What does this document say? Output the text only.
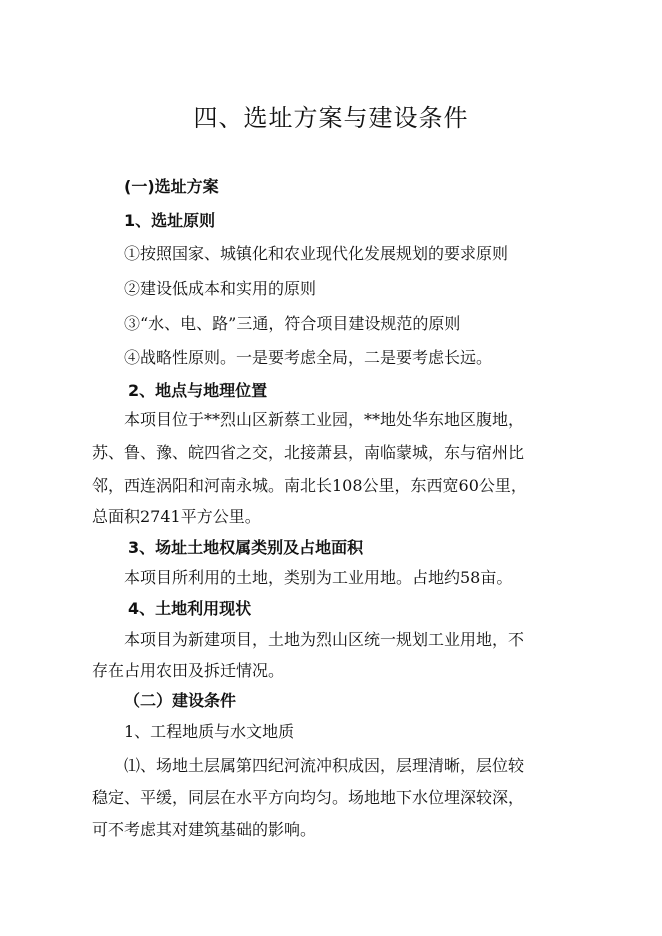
四、选址方案与建设条件
(一)选址方案
1、选址原则
①按照国家、城镇化和农业现代化发展规划的要求原则
②建设低成本和实用的原则
③“水、电、路”三通，符合项目建设规范的原则
④战略性原则。一是要考虑全局，二是要考虑长远。
2、地点与地理位置
本项目位于**烈山区新蔡工业园，**地处华东地区腹地，
苏、鲁、豫、皖四省之交，北接萧县，南临蒙城，东与宿州比
邻，西连涡阳和河南永城。南北长108公里，东西宽60公里，
总面积2741平方公里。
3、场址土地权属类别及占地面积
本项目所利用的土地，类别为工业用地。占地约58亩。
4、土地利用现状
本项目为新建项目，土地为烈山区统一规划工业用地，不
存在占用农田及拆迁情况。
（二）建设条件
1、工程地质与水文地质
⑴、场地土层属第四纪河流冲积成因，层理清晰，层位较
稳定、平缓，同层在水平方向均匀。场地地下水位埋深较深，
可不考虑其对建筑基础的影响。
